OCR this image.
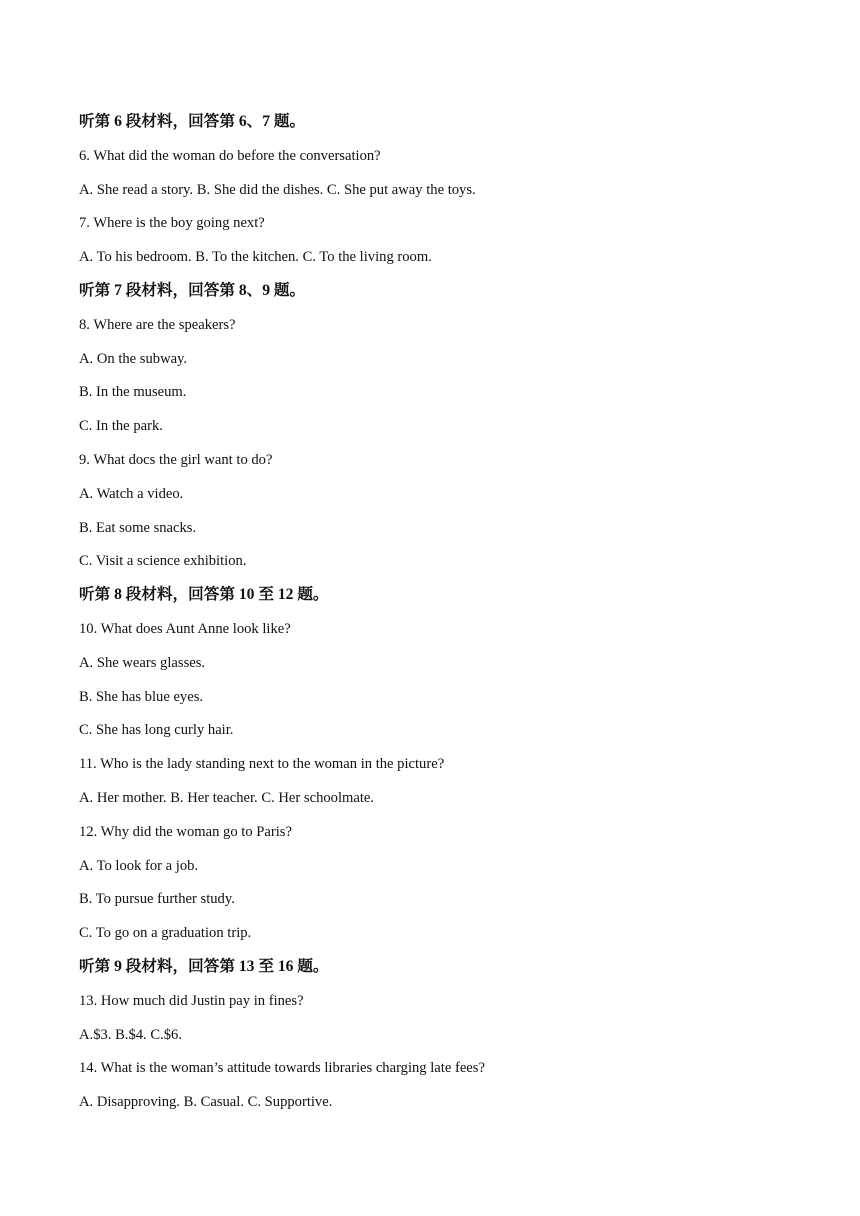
听第 6 段材料，回答第 6、7 题。
6. What did the woman do before the conversation?
A. She read a story. B. She did the dishes. C. She put away the toys.
7. Where is the boy going next?
A. To his bedroom. B. To the kitchen. C. To the living room.
听第 7 段材料，回答第 8、9 题。
8. Where are the speakers?
A. On the subway.
B. In the museum.
C. In the park.
9. What docs the girl want to do?
A. Watch a video.
B. Eat some snacks.
C. Visit a science exhibition.
听第 8 段材料，回答第 10 至 12 题。
10. What does Aunt Anne look like?
A. She wears glasses.
B. She has blue eyes.
C. She has long curly hair.
11. Who is the lady standing next to the woman in the picture?
A. Her mother. B. Her teacher. C. Her schoolmate.
12. Why did the woman go to Paris?
A. To look for a job.
B. To pursue further study.
C. To go on a graduation trip.
听第 9 段材料，回答第 13 至 16 题。
13. How much did Justin pay in fines?
A.$3. B.$4. C.$6.
14. What is the woman’s attitude towards libraries charging late fees?
A. Disapproving. B. Casual. C. Supportive.
